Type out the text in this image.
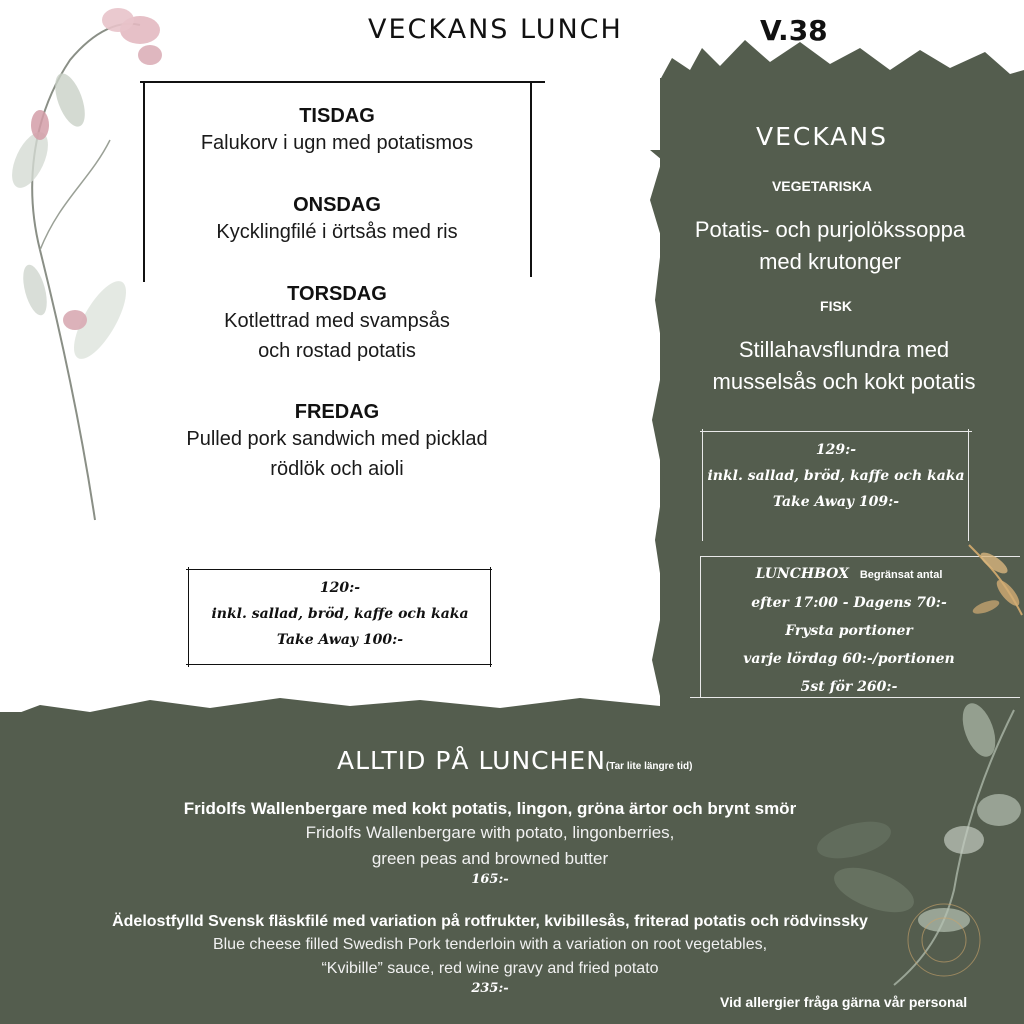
VECKANS LUNCH	V.38
TISDAG
Falukorv i ugn med potatismos
ONSDAG
Kycklingfilé i örtsås med ris
TORSDAG
Kotlettrad med svampsås
och rostad potatis
FREDAG
Pulled pork sandwich med picklad
rödlök och aioli
120:-
inkl. sallad, bröd, kaffe och kaka
Take Away 100:-
VECKANS
VEGETARISKA
Potatis- och purjolökssoppa
med krutonger
FISK
Stillahavsflundra med
musselsås och kokt potatis
129:-
inkl. sallad, bröd, kaffe och kaka
Take Away 109:-
LUNCHBOX Begränsat antal
efter 17:00 - Dagens 70:-
Frysta portioner
varje lördag 60:-/portionen
5st för 260:-
ALLTID PÅ LUNCHEN(Tar lite längre tid)
Fridolfs Wallenbergare med kokt potatis, lingon, gröna ärtor och brynt smör
Fridolfs Wallenbergare with potato, lingonberries,
green peas and browned butter
165:-
Ädelostfylld Svensk fläskfilé med variation på rotfrukter, kvibillesås, friterad potatis och rödvinssky
Blue cheese filled Swedish Pork tenderloin with a variation on root vegetables,
“Kvibille” sauce, red wine gravy and fried potato
235:-
Vid allergier fråga gärna vår personal
